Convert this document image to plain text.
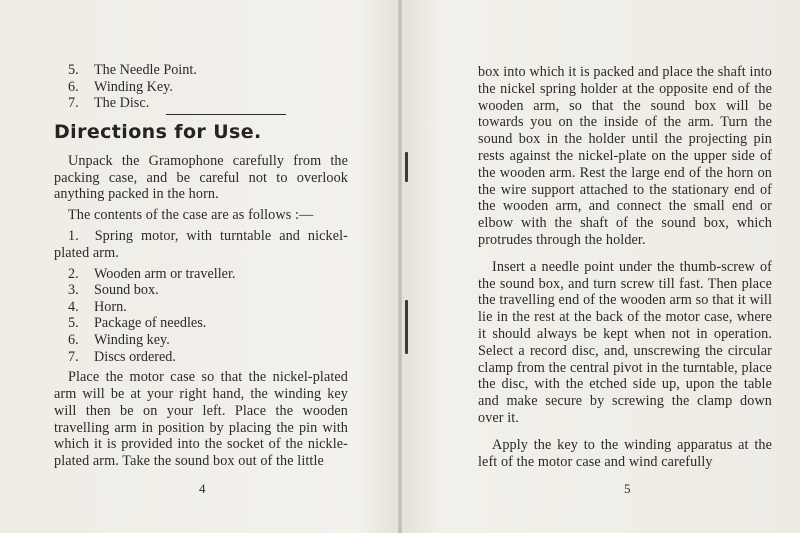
5.	The Needle Point.
6.	Winding Key.
7.	The Disc.
Directions for Use.

Unpack the Gramophone carefully from the packing case, and be careful not to overlook anything packed in the horn.

The contents of the case are as follows :—

1. Spring motor, with turntable and nickel-plated arm.

2.	Wooden arm or traveller.
3.	Sound box.
4.	Horn.
5.	Package of needles.
6.	Winding key.
7.	Discs ordered.

Place the motor case so that the nickel-plated arm will be at your right hand, the winding key will then be on your left. Place the wooden travelling arm in position by placing the pin with which it is provided into the socket of the nickle-plated arm. Take the sound box out of the little

4

box into which it is packed and place the shaft into the nickel spring holder at the opposite end of the wooden arm, so that the sound box will be towards you on the inside of the arm. Turn the sound box in the holder until the projecting pin rests against the nickel-plate on the upper side of the wooden arm. Rest the large end of the horn on the wire support attached to the stationary end of the wooden arm, and connect the small end or elbow with the shaft of the sound box, which protrudes through the holder.

Insert a needle point under the thumb-screw of the sound box, and turn screw till fast. Then place the travelling end of the wooden arm so that it will lie in the rest at the back of the motor case, where it should always be kept when not in operation. Select a record disc, and, unscrewing the circular clamp from the central pivot in the turntable, place the disc, with the etched side up, upon the table and make secure by screwing the clamp down over it.

Apply the key to the winding apparatus at the left of the motor case and wind carefully

5
